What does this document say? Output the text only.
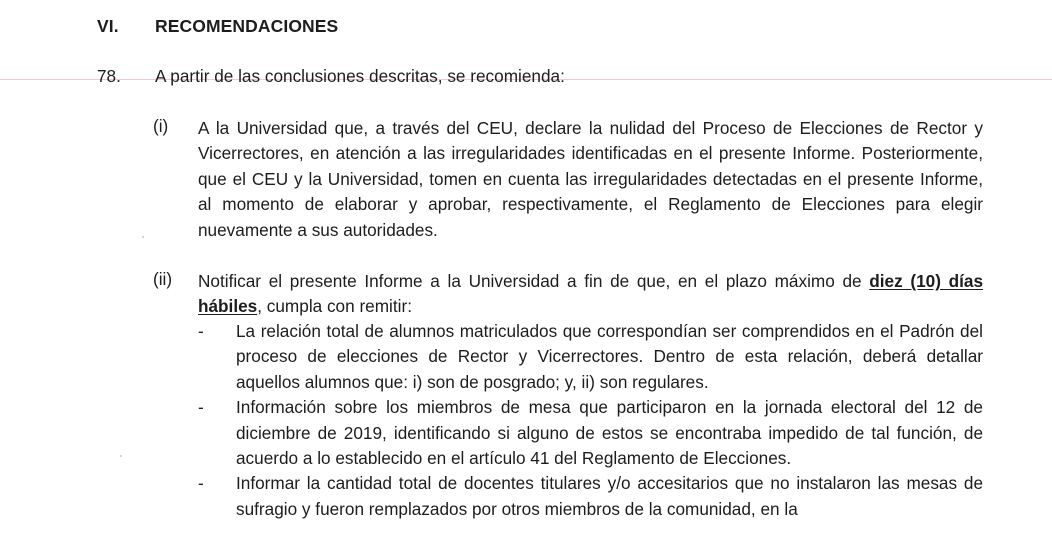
VI. RECOMENDACIONES
78. A partir de las conclusiones descritas, se recomienda:
(i) A la Universidad que, a través del CEU, declare la nulidad del Proceso de Elecciones de Rector y Vicerrectores, en atención a las irregularidades identificadas en el presente Informe. Posteriormente, que el CEU y la Universidad, tomen en cuenta las irregularidades detectadas en el presente Informe, al momento de elaborar y aprobar, respectivamente, el Reglamento de Elecciones para elegir nuevamente a sus autoridades.
(ii) Notificar el presente Informe a la Universidad a fin de que, en el plazo máximo de diez (10) días hábiles, cumpla con remitir:
- La relación total de alumnos matriculados que correspondían ser comprendidos en el Padrón del proceso de elecciones de Rector y Vicerrectores. Dentro de esta relación, deberá detallar aquellos alumnos que: i) son de posgrado; y, ii) son regulares.
- Información sobre los miembros de mesa que participaron en la jornada electoral del 12 de diciembre de 2019, identificando si alguno de estos se encontraba impedido de tal función, de acuerdo a lo establecido en el artículo 41 del Reglamento de Elecciones.
- Informar la cantidad total de docentes titulares y/o accesitarios que no instalaron las mesas de sufragio y fueron remplazados por otros miembros de la comunidad, en la
